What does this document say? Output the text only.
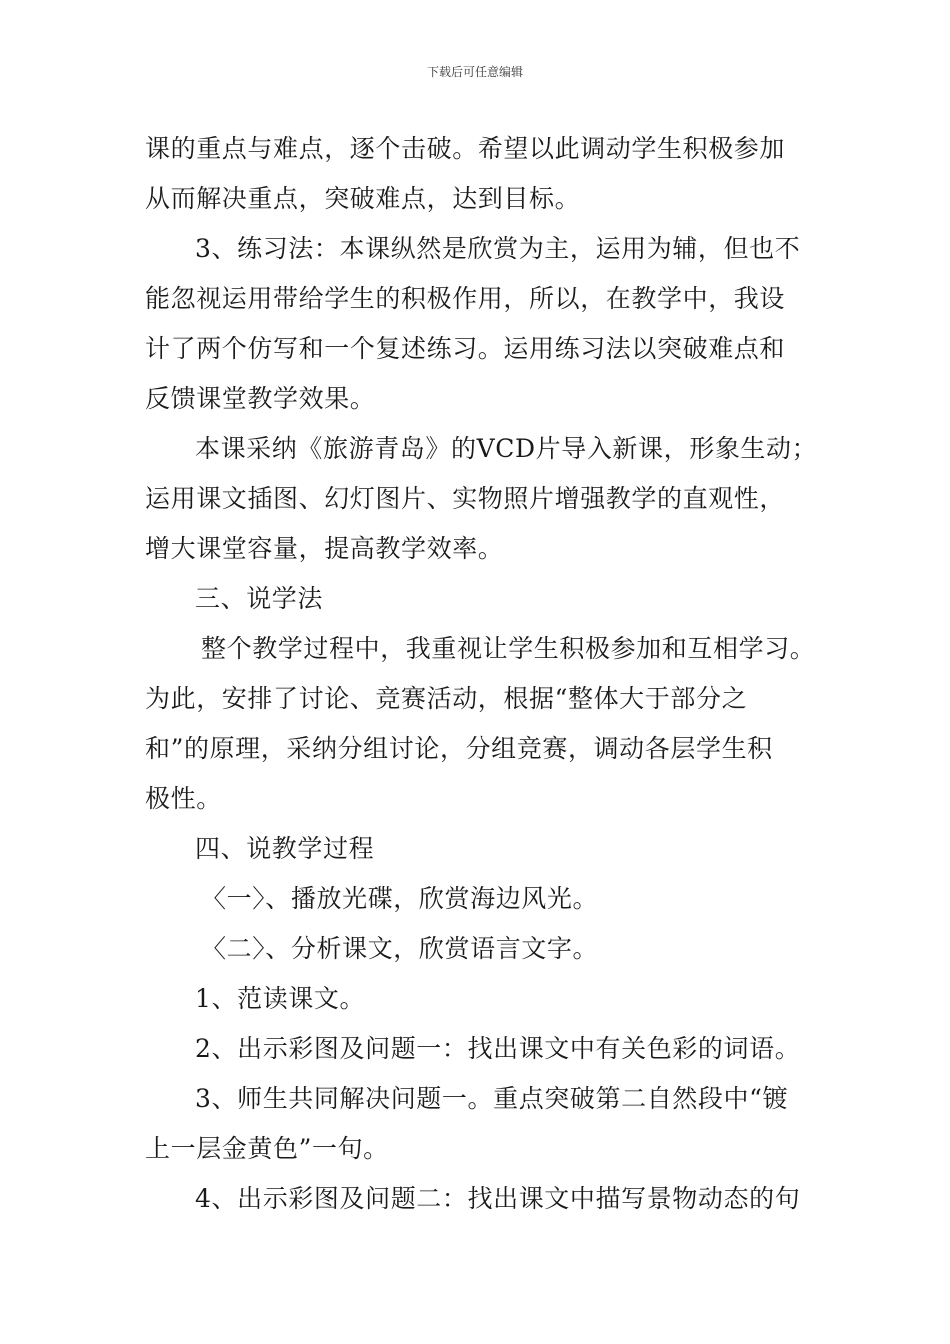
下载后可任意编辑
课的重点与难点，逐个击破。希望以此调动学生积极参加
从而解决重点，突破难点，达到目标。
3、练习法：本课纵然是欣赏为主，运用为辅，但也不
能忽视运用带给学生的积极作用，所以，在教学中，我设
计了两个仿写和一个复述练习。运用练习法以突破难点和
反馈课堂教学效果。
本课采纳《旅游青岛》的VCD片导入新课，形象生动；
运用课文插图、幻灯图片、实物照片增强教学的直观性，
增大课堂容量，提高教学效率。
三、说学法
整个教学过程中，我重视让学生积极参加和互相学习。
为此，安排了讨论、竞赛活动，根据“整体大于部分之
和”的原理，采纳分组讨论，分组竞赛，调动各层学生积
极性。
四、说教学过程
〈一〉、播放光碟，欣赏海边风光。
〈二〉、分析课文，欣赏语言文字。
1、范读课文。
2、出示彩图及问题一：找出课文中有关色彩的词语。
3、师生共同解决问题一。重点突破第二自然段中“镀
上一层金黄色”一句。
4、出示彩图及问题二：找出课文中描写景物动态的句
